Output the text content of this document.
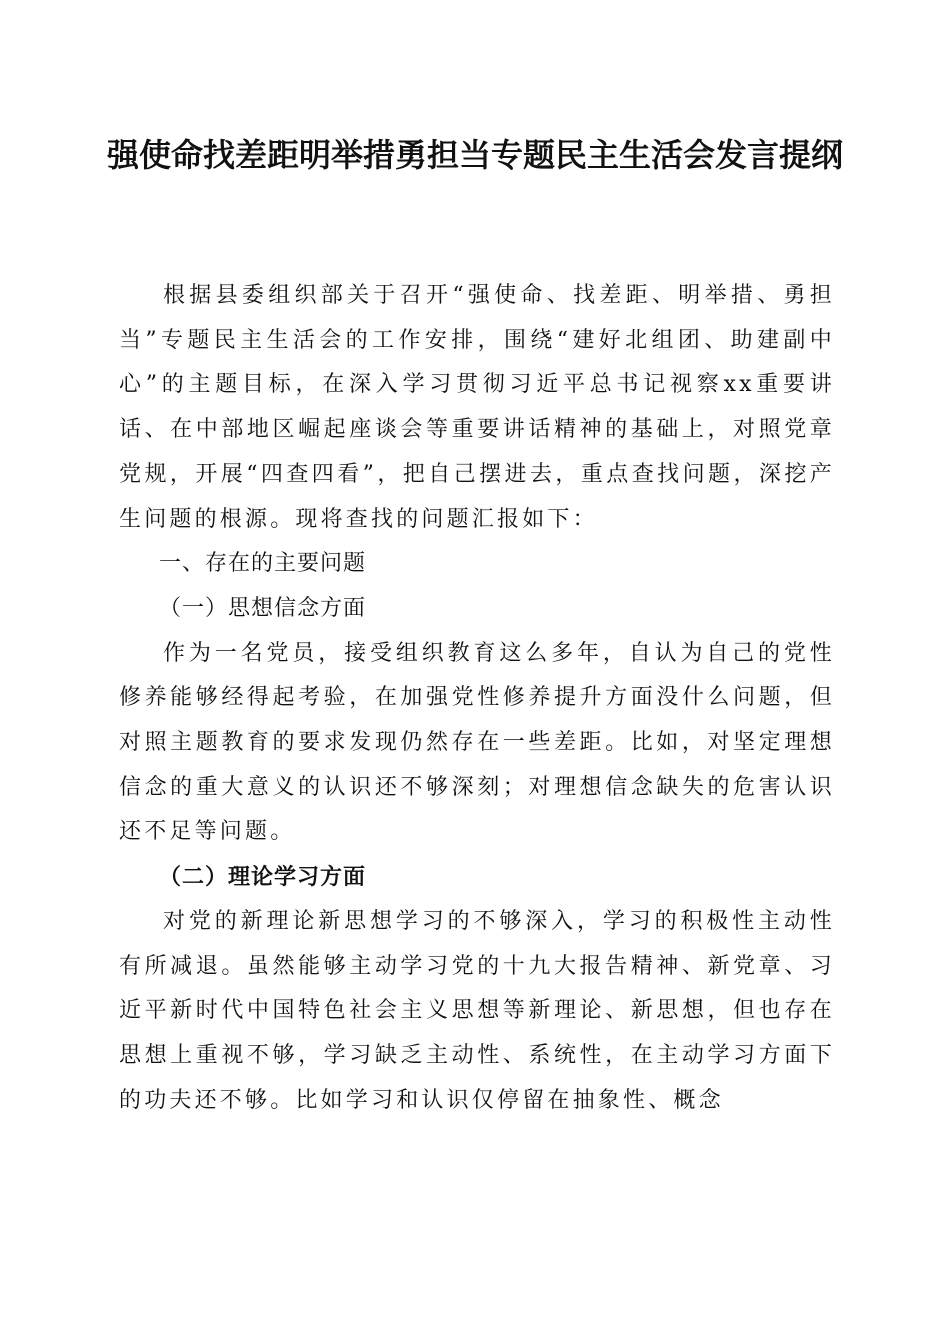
强使命找差距明举措勇担当专题民主生活会发言提纲

根据县委组织部关于召开“强使命、找差距、明举措、勇担当”专题民主生活会的工作安排，围绕“建好北组团、助建副中心”的主题目标，在深入学习贯彻习近平总书记视察xx重要讲话、在中部地区崛起座谈会等重要讲话精神的基础上，对照党章党规，开展“四查四看”，把自己摆进去，重点查找问题，深挖产生问题的根源。现将查找的问题汇报如下：

一、存在的主要问题

（一）思想信念方面

作为一名党员，接受组织教育这么多年，自认为自己的党性修养能够经得起考验，在加强党性修养提升方面没什么问题，但对照主题教育的要求发现仍然存在一些差距。比如，对坚定理想信念的重大意义的认识还不够深刻；对理想信念缺失的危害认识还不足等问题。

（二）理论学习方面

对党的新理论新思想学习的不够深入，学习的积极性主动性有所减退。虽然能够主动学习党的十九大报告精神、新党章、习近平新时代中国特色社会主义思想等新理论、新思想，但也存在思想上重视不够，学习缺乏主动性、系统性，在主动学习方面下的功夫还不够。比如学习和认识仅停留在抽象性、概念
